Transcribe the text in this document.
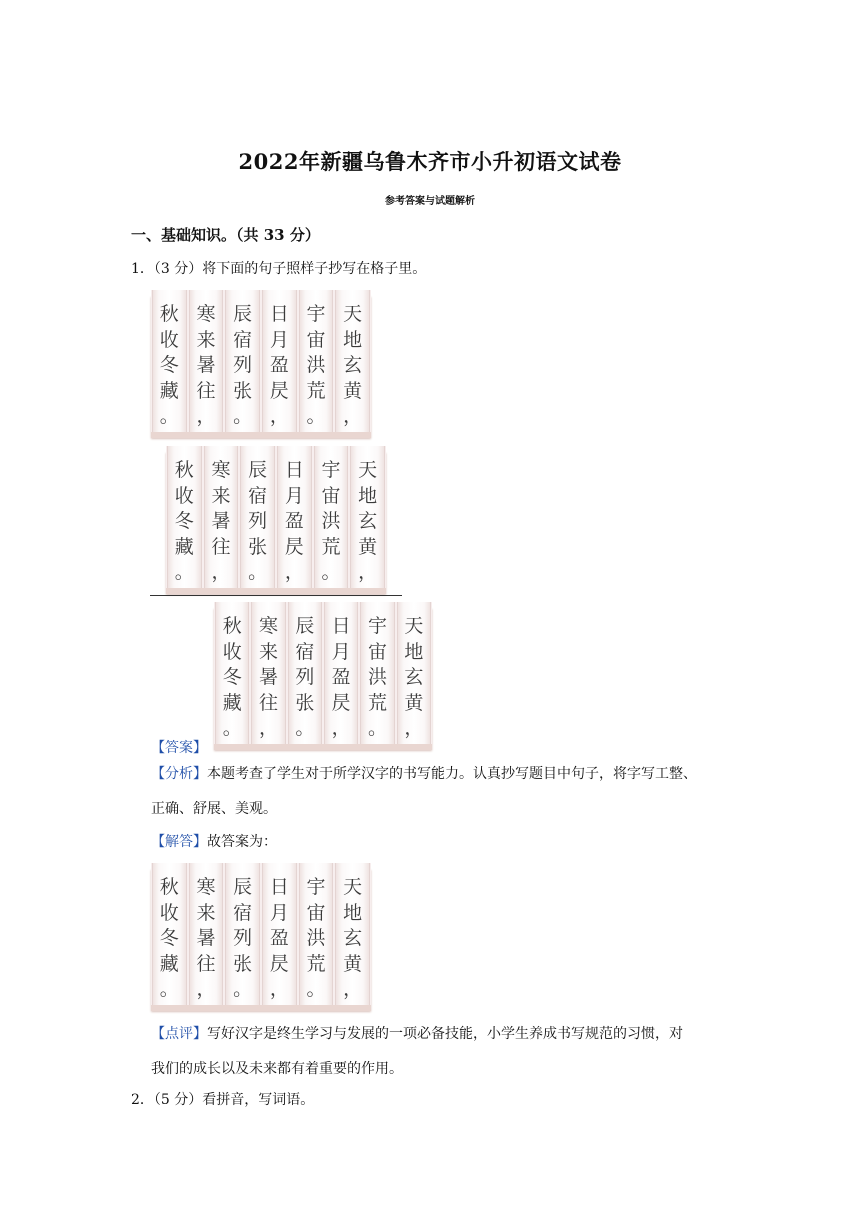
2022年新疆乌鲁木齐市小升初语文试卷
参考答案与试题解析
一、基础知识。（共 33 分）
1．（3 分）将下面的句子照样子抄写在格子里。
天
地
玄
黄
，
宇
宙
洪
荒
。
日
月
盈
昃
，
辰
宿
列
张
。
寒
来
暑
往
，
秋
收
冬
藏
。
天
地
玄
黄
，
宇
宙
洪
荒
。
日
月
盈
昃
，
辰
宿
列
张
。
寒
来
暑
往
，
秋
收
冬
藏
。
天
地
玄
黄
，
宇
宙
洪
荒
。
日
月
盈
昃
，
辰
宿
列
张
。
寒
来
暑
往
，
秋
收
冬
藏
。
【答案】
【分析】本题考查了学生对于所学汉字的书写能力。认真抄写题目中句子，将字写工整、
正确、舒展、美观。
【解答】故答案为：
天
地
玄
黄
，
宇
宙
洪
荒
。
日
月
盈
昃
，
辰
宿
列
张
。
寒
来
暑
往
，
秋
收
冬
藏
。
【点评】写好汉字是终生学习与发展的一项必备技能，小学生养成书写规范的习惯，对
我们的成长以及未来都有着重要的作用。
2．（5 分）看拼音，写词语。
